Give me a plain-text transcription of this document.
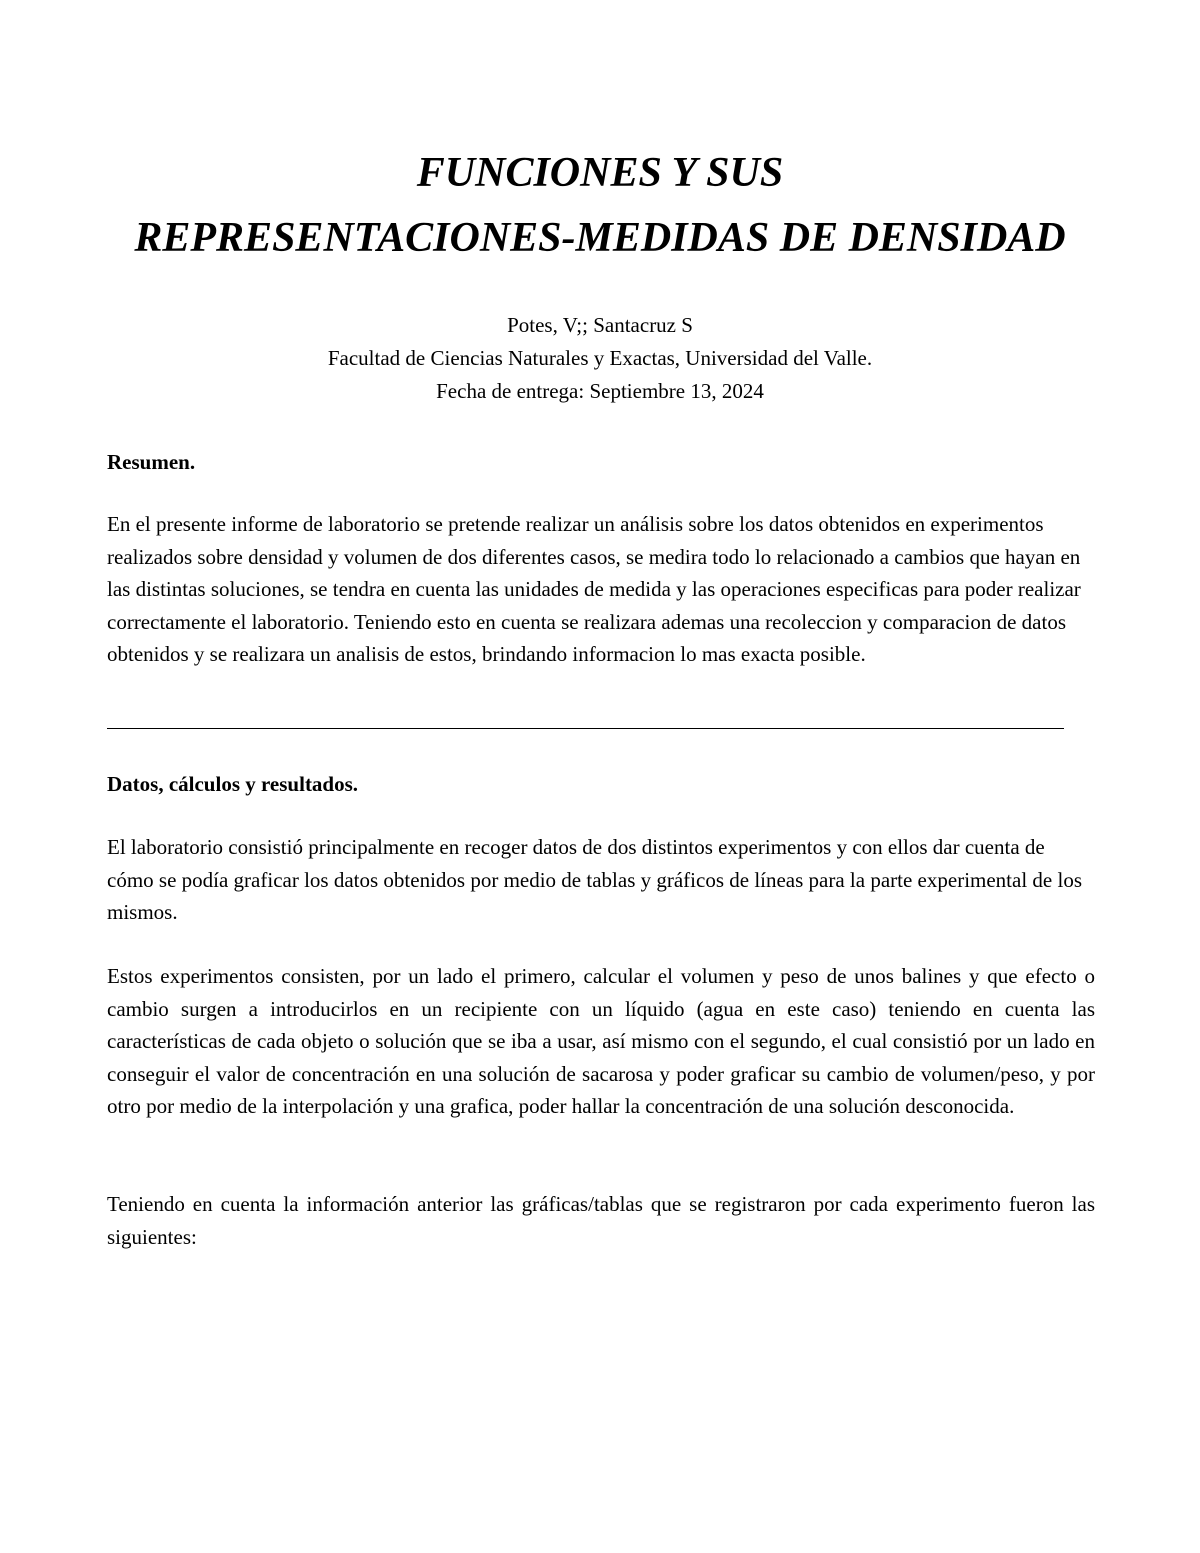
FUNCIONES Y SUS
REPRESENTACIONES-MEDIDAS DE DENSIDAD
Potes, V;; Santacruz S
Facultad de Ciencias Naturales y Exactas, Universidad del Valle.
Fecha de entrega: Septiembre 13, 2024
Resumen.

En el presente informe de laboratorio se pretende realizar un análisis sobre los datos obtenidos en experimentos realizados sobre densidad y volumen de dos diferentes casos, se medira todo lo relacionado a cambios que hayan en las distintas soluciones, se tendra en cuenta las unidades de medida y las operaciones especificas para poder realizar correctamente el laboratorio. Teniendo esto en cuenta se realizara ademas una recoleccion y comparacion de datos obtenidos y se realizara un analisis de estos, brindando informacion lo mas exacta posible.

Datos, cálculos y resultados.

El laboratorio consistió principalmente en recoger datos de dos distintos experimentos y con ellos dar cuenta de cómo se podía graficar los datos obtenidos por medio de tablas y gráficos de líneas para la parte experimental de los mismos.

Estos experimentos consisten, por un lado el primero, calcular el volumen y peso de unos balines y que efecto o cambio surgen a introducirlos en un recipiente con un líquido (agua en este caso) teniendo en cuenta las características de cada objeto o solución que se iba a usar, así mismo con el segundo, el cual consistió por un lado en conseguir el valor de concentración en una solución de sacarosa y poder graficar su cambio de volumen/peso, y por otro por medio de la interpolación y una grafica, poder hallar la concentración de una solución desconocida.

Teniendo en cuenta la información anterior las gráficas/tablas que se registraron por cada experimento fueron las siguientes:
